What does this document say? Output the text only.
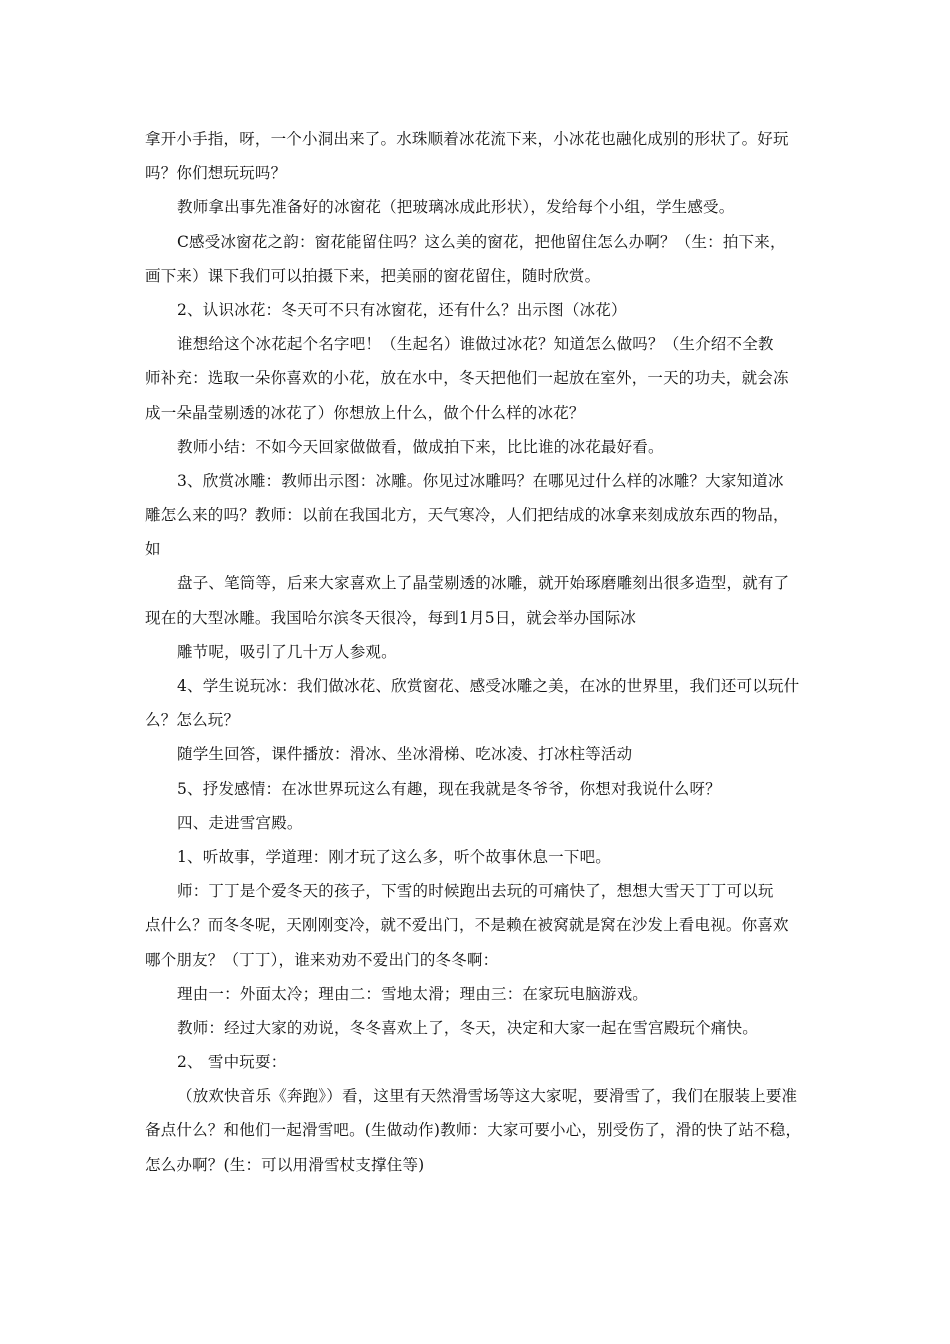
拿开小手指，呀，一个小洞出来了。水珠顺着冰花流下来，小冰花也融化成别的形状了。好玩
吗？你们想玩玩吗？
教师拿出事先准备好的冰窗花（把玻璃冰成此形状），发给每个小组，学生感受。
C感受冰窗花之韵：窗花能留住吗？这么美的窗花，把他留住怎么办啊？（生：拍下来，
画下来）课下我们可以拍摄下来，把美丽的窗花留住，随时欣赏。
2、认识冰花：冬天可不只有冰窗花，还有什么？出示图（冰花）
谁想给这个冰花起个名字吧！（生起名）谁做过冰花？知道怎么做吗？（生介绍不全教
师补充：选取一朵你喜欢的小花，放在水中，冬天把他们一起放在室外，一天的功夫，就会冻
成一朵晶莹剔透的冰花了）你想放上什么，做个什么样的冰花？
教师小结：不如今天回家做做看，做成拍下来，比比谁的冰花最好看。
3、欣赏冰雕：教师出示图：冰雕。你见过冰雕吗？在哪见过什么样的冰雕？大家知道冰
雕怎么来的吗？教师：以前在我国北方，天气寒冷，人们把结成的冰拿来刻成放东西的物品，
如
盘子、笔筒等，后来大家喜欢上了晶莹剔透的冰雕，就开始琢磨雕刻出很多造型，就有了
现在的大型冰雕。我国哈尔滨冬天很冷，每到1月5日，就会举办国际冰
雕节呢，吸引了几十万人参观。
4、学生说玩冰：我们做冰花、欣赏窗花、感受冰雕之美，在冰的世界里，我们还可以玩什
么？怎么玩？
随学生回答，课件播放：滑冰、坐冰滑梯、吃冰凌、打冰柱等活动
5、抒发感情：在冰世界玩这么有趣，现在我就是冬爷爷，你想对我说什么呀？
四、走进雪宫殿。
1、听故事，学道理：刚才玩了这么多，听个故事休息一下吧。
师：丁丁是个爱冬天的孩子，下雪的时候跑出去玩的可痛快了，想想大雪天丁丁可以玩
点什么？而冬冬呢，天刚刚变冷，就不爱出门，不是赖在被窝就是窝在沙发上看电视。你喜欢
哪个朋友？（丁丁），谁来劝劝不爱出门的冬冬啊：
理由一：外面太冷；理由二：雪地太滑；理由三：在家玩电脑游戏。
教师：经过大家的劝说，冬冬喜欢上了，冬天，决定和大家一起在雪宫殿玩个痛快。
2、 雪中玩耍：
（放欢快音乐《奔跑》）看，这里有天然滑雪场等这大家呢，要滑雪了，我们在服装上要准
备点什么？和他们一起滑雪吧。(生做动作)教师：大家可要小心，别受伤了，滑的快了站不稳，
怎么办啊？(生：可以用滑雪杖支撑住等)
